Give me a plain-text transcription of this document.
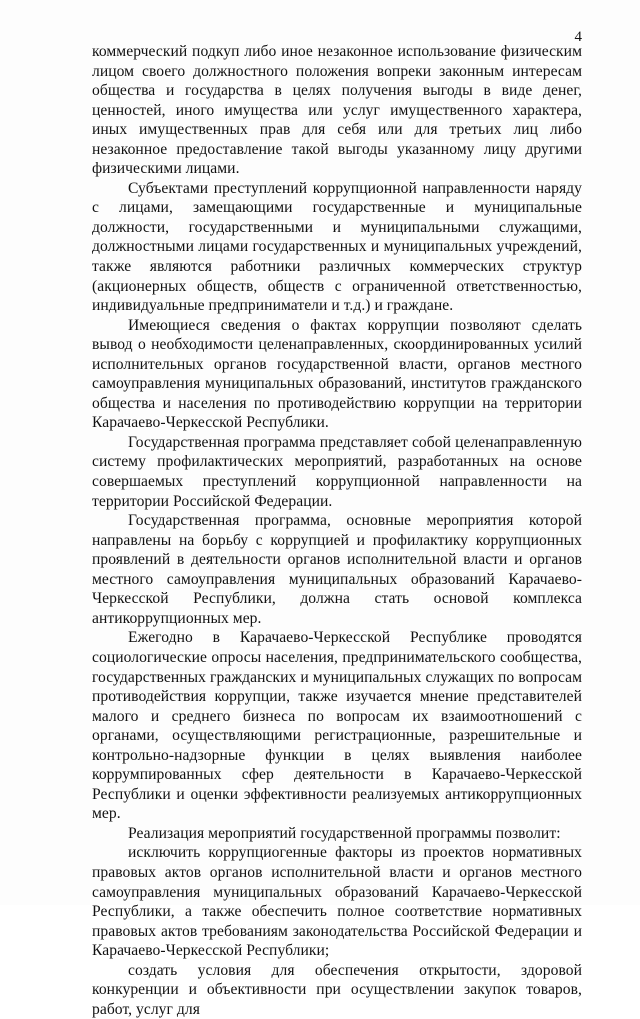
4

коммерческий подкуп либо иное незаконное использование физическим лицом своего должностного положения вопреки законным интересам общества и государства в целях получения выгоды в виде денег, ценностей, иного имущества или услуг имущественного характера, иных имущественных прав для себя или для третьих лиц либо незаконное предоставление такой выгоды указанному лицу другими физическими лицами.

Субъектами преступлений коррупционной направленности наряду с лицами, замещающими государственные и муниципальные должности, государственными и муниципальными служащими, должностными лицами государственных и муниципальных учреждений, также являются работники различных коммерческих структур (акционерных обществ, обществ с ограниченной ответственностью, индивидуальные предприниматели и т.д.) и граждане.

Имеющиеся сведения о фактах коррупции позволяют сделать вывод о необходимости целенаправленных, скоординированных усилий исполнительных органов государственной власти, органов местного самоуправления муниципальных образований, институтов гражданского общества и населения по противодействию коррупции на территории Карачаево-Черкесской Республики.

Государственная программа представляет собой целенаправленную систему профилактических мероприятий, разработанных на основе совершаемых преступлений коррупционной направленности на территории Российской Федерации.

Государственная программа, основные мероприятия которой направлены на борьбу с коррупцией и профилактику коррупционных проявлений в деятельности органов исполнительной власти и органов местного самоуправления муниципальных образований Карачаево-Черкесской Республики, должна стать основой комплекса антикоррупционных мер.

Ежегодно в Карачаево-Черкесской Республике проводятся социологические опросы населения, предпринимательского сообщества, государственных гражданских и муниципальных служащих по вопросам противодействия коррупции, также изучается мнение представителей малого и среднего бизнеса по вопросам их взаимоотношений с органами, осуществляющими регистрационные, разрешительные и контрольно-надзорные функции в целях выявления наиболее коррумпированных сфер деятельности в Карачаево-Черкесской Республики и оценки эффективности реализуемых антикоррупционных мер.

Реализация мероприятий государственной программы позволит:

исключить коррупциогенные факторы из проектов нормативных правовых актов органов исполнительной власти и органов местного самоуправления муниципальных образований Карачаево-Черкесской Республики, а также обеспечить полное соответствие нормативных правовых актов требованиям законодательства Российской Федерации и Карачаево-Черкесской Республики;

создать условия для обеспечения открытости, здоровой конкуренции и объективности при осуществлении закупок товаров, работ, услуг для
